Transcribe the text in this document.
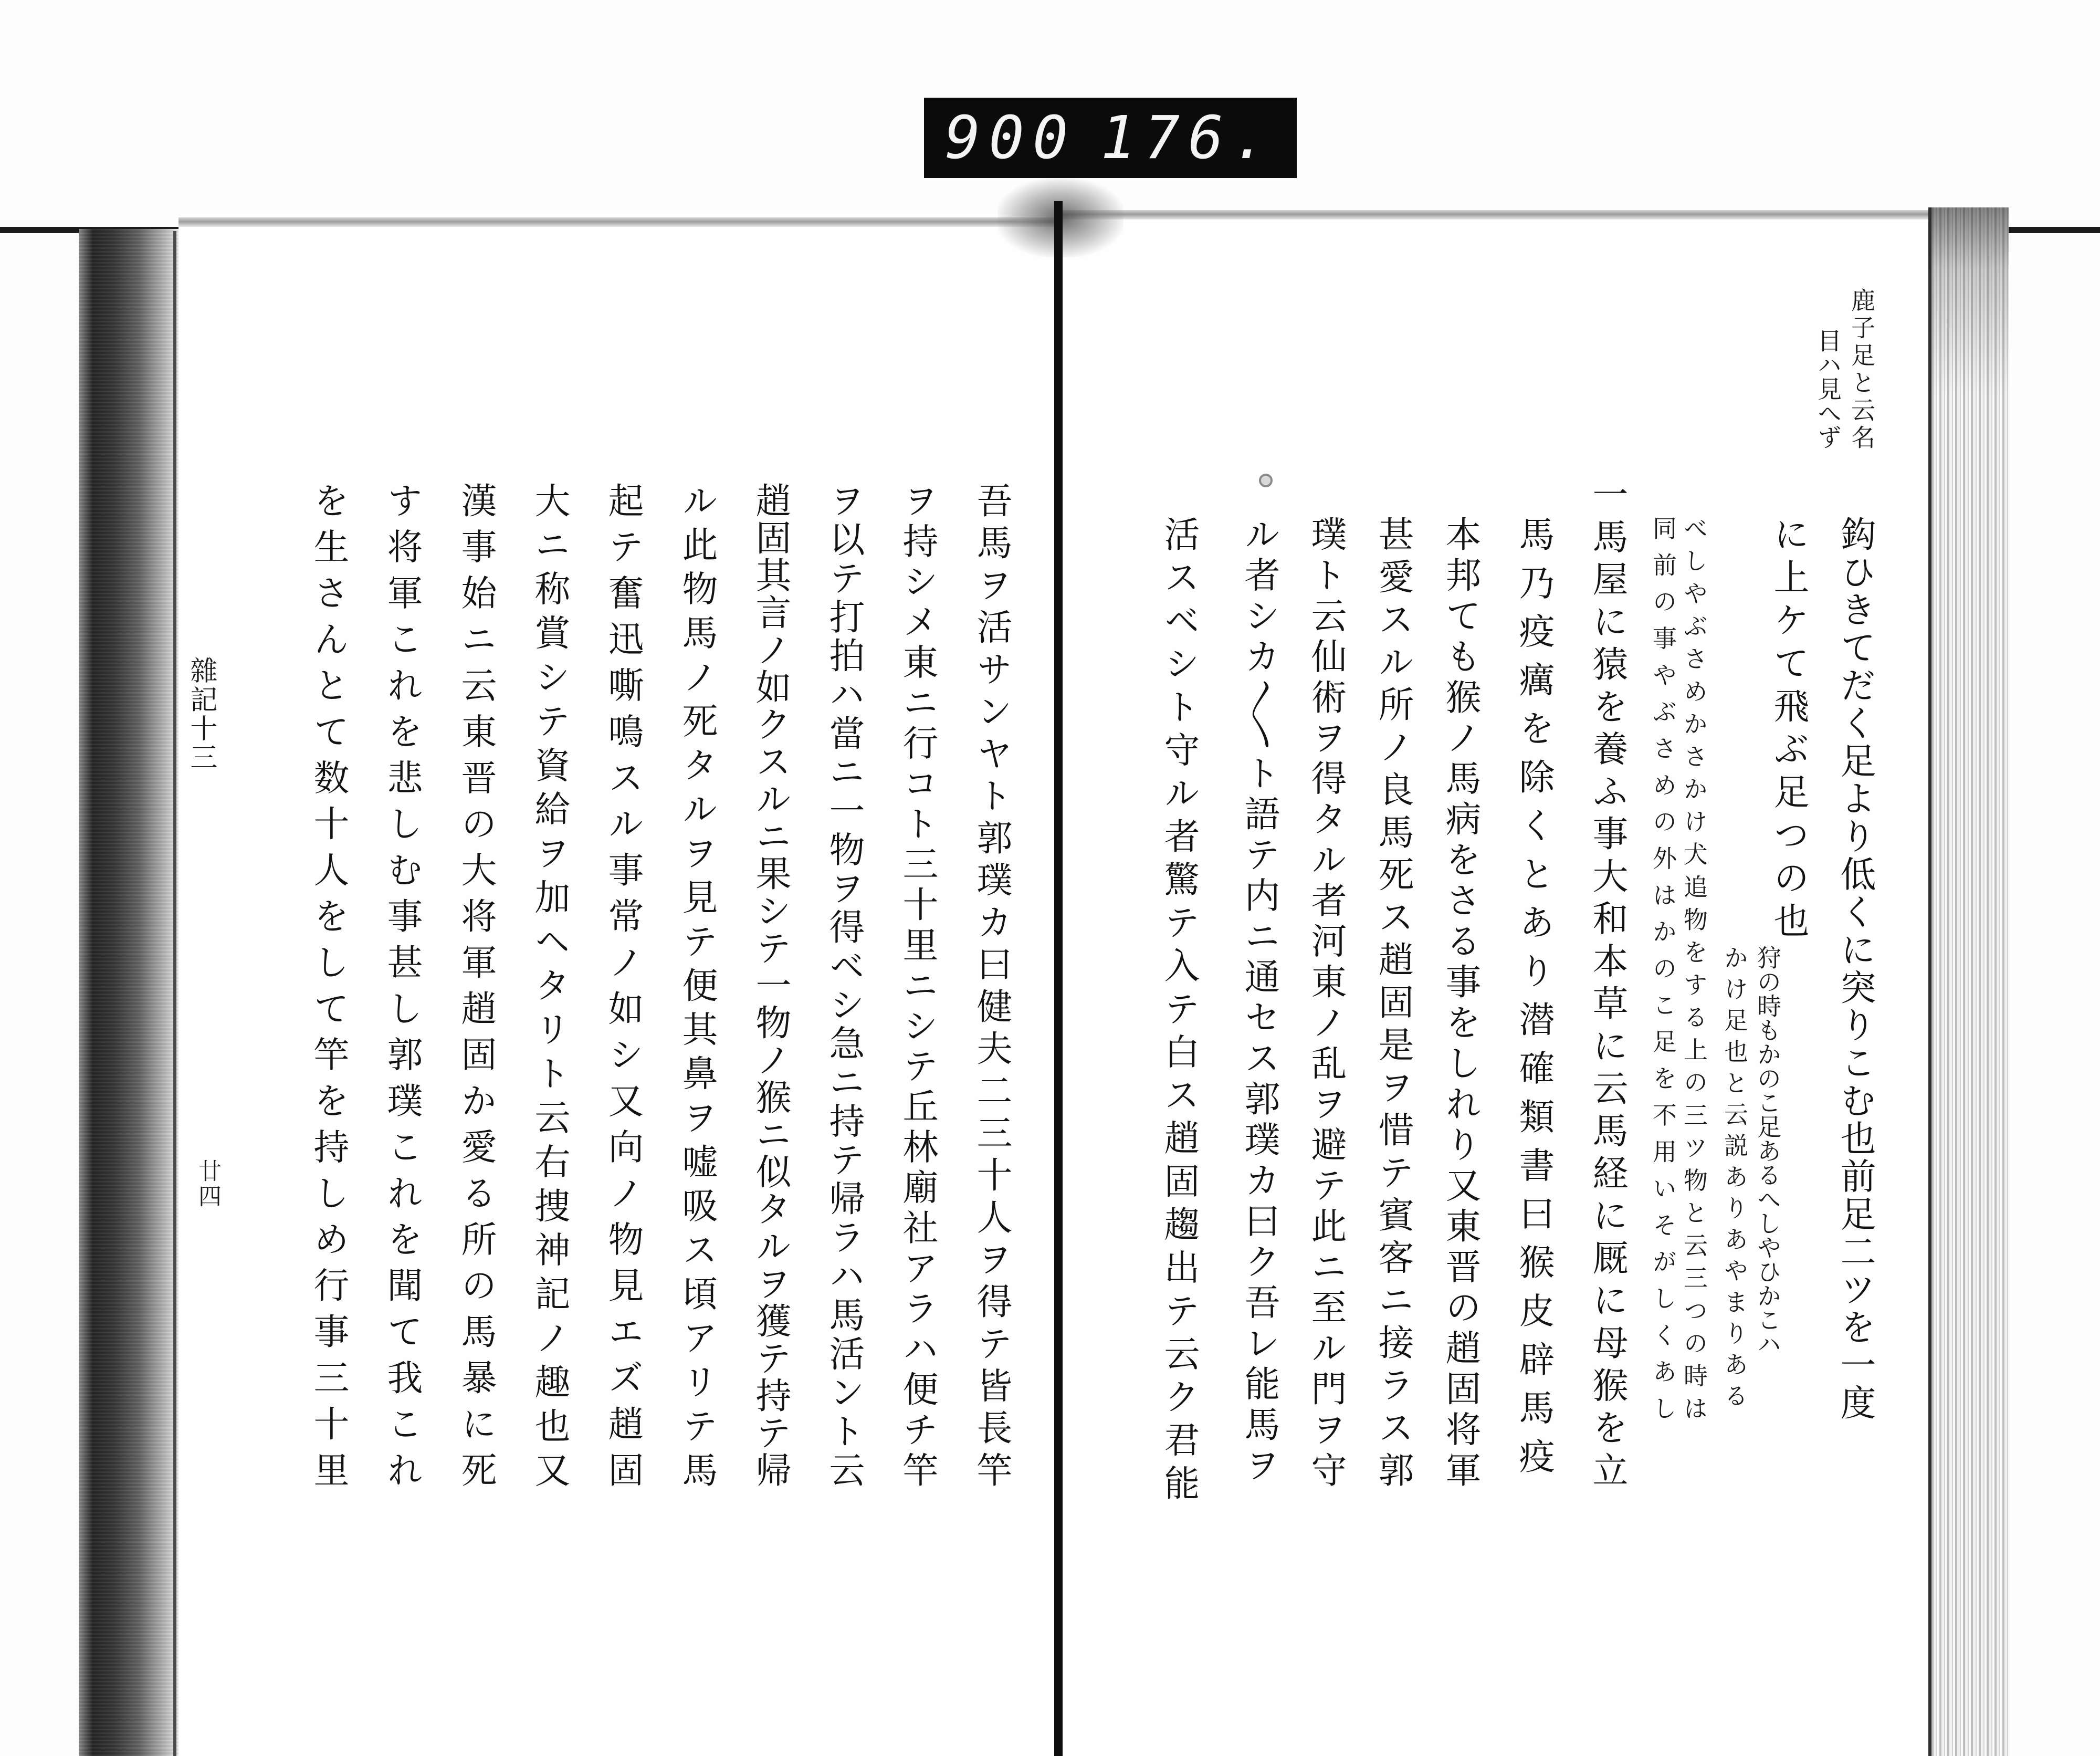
900 176.
鹿子足と云名
目ハ見へず
鈎ひきてだく足より低くに突りこむ也前足二ツを一度
に上ケて飛ぶ足つの也
狩の時もかのこ足あるへしやひかこハ
かけ足也と云説ありあやまりある
べしやぶさめかさかけ犬追物をする上の三ツ物と云三つの時は
同前の事やぶさめの外はかのこ足を不用いそがしくあし
一馬屋に猿を養ふ事大和本草に云馬経に厩に母猴を立
馬乃疫癘を除くとあり潜確類書曰猴皮辟馬疫
本邦ても猴ノ馬病をさる事をしれり又東晋の趙固将軍
甚愛スル所ノ良馬死ス趙固是ヲ惜テ賓客ニ接ラス郭
璞ト云仙術ヲ得タル者河東ノ乱ヲ避テ此ニ至ル門ヲ守
ル者シカ〳〵ト語テ内ニ通セス郭璞カ曰ク吾レ能馬ヲ
活スベシト守ル者驚テ入テ白ス趙固趨出テ云ク君能
吾馬ヲ活サンヤト郭璞カ曰健夫二三十人ヲ得テ皆長竿
ヲ持シメ東ニ行コト三十里ニシテ丘林廟社アラハ便チ竿
ヲ以テ打拍ハ當ニ一物ヲ得ベシ急ニ持テ帰ラハ馬活ント云
趙固其言ノ如クスルニ果シテ一物ノ猴ニ似タルヲ獲テ持テ帰
ル此物馬ノ死タルヲ見テ便其鼻ヲ嘘吸ス頃アリテ馬
起テ奮迅嘶鳴スル事常ノ如シ又向ノ物見エズ趙固
大ニ称賞シテ資給ヲ加ヘタリト云右捜神記ノ趣也又
漢事始ニ云東晋の大将軍趙固か愛る所の馬暴に死
す将軍これを悲しむ事甚し郭璞これを聞て我これ
を生さんとて数十人をして竿を持しめ行事三十里
雜記十三
廿四
